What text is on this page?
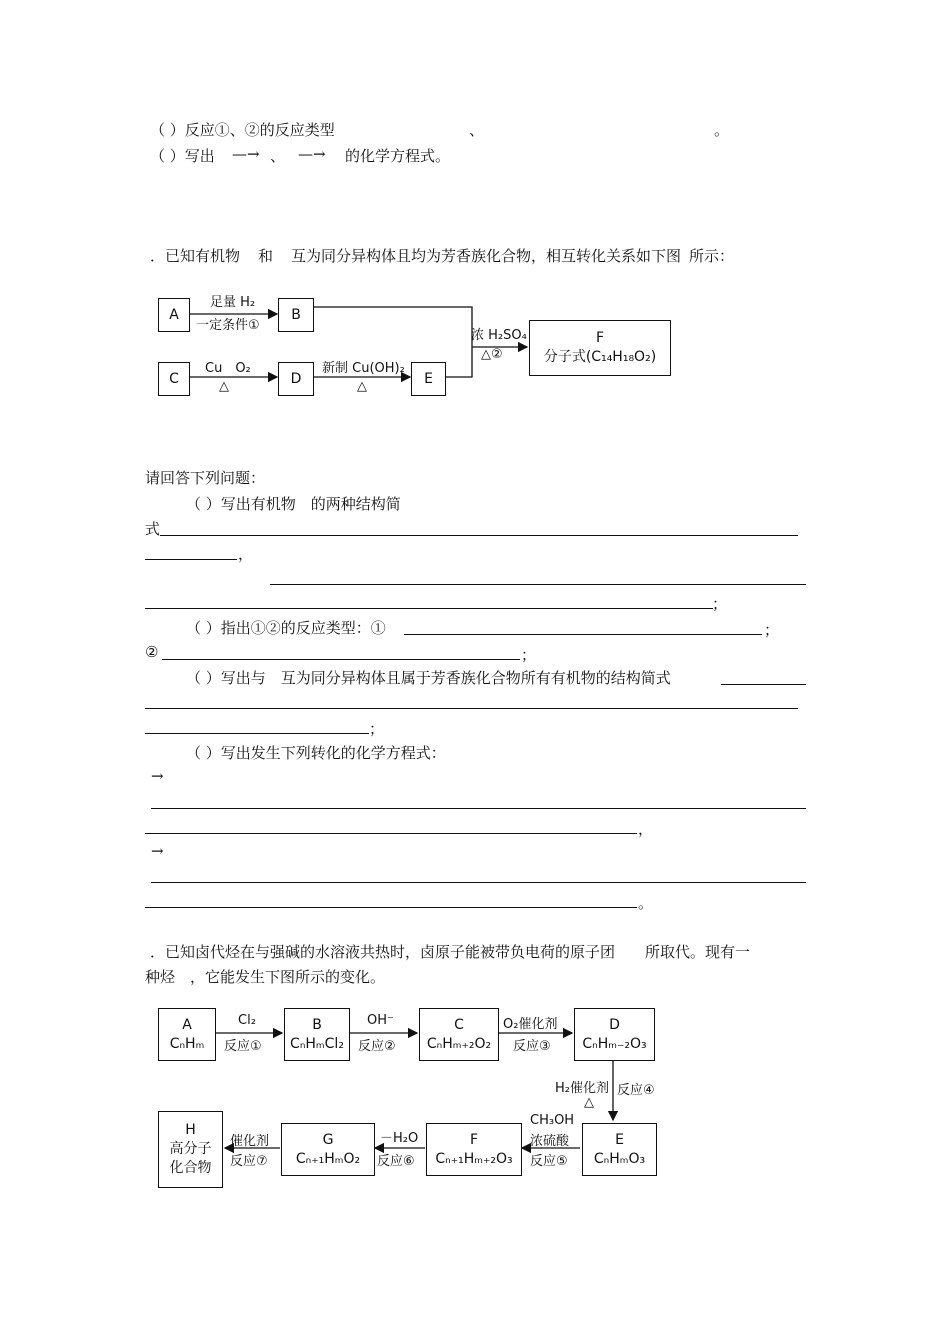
（ ）反应①、②的反应类型	、	。
（ ）写出 —→ 、 —→ 的化学方程式。
．已知有机物 和 互为同分异构体且均为芳香族化合物，相互转化关系如下图 所示：
A	B
C	D	E
F
分子式(C₁₄H₁₈O₂)
足量 H₂
一定条件①
Cu　O₂
△
新制 Cu(OH)₂
△
浓 H₂SO₄
△②
请回答下列问题：
（ ）写出有机物　的两种结构简
式
，
；
（ ）指出①②的反应类型：①	；
②	；
（ ）写出与　互为同分异构体且属于芳香族化合物所有有机物的结构简式
；
（ ）写出发生下列转化的化学方程式：
→
，
→
。
．已知卤代烃在与强碱的水溶液共热时，卤原子能被带负电荷的原子团　　所取代。现有一
种烃　，它能发生下图所示的变化。
A
CₙHₘ
B
CₙHₘCl₂
C
CₙHₘ₊₂O₂
D
CₙHₘ₋₂O₃
E
CₙHₘO₃
F
Cₙ₊₁Hₘ₊₂O₃
G
Cₙ₊₁HₘO₂
H
高分子
化合物
Cl₂
反应①
OH⁻
反应②
O₂催化剂
反应③
H₂催化剂
△
反应④
CH₃OH
浓硫酸
反应⑤
－H₂O
反应⑥
催化剂
反应⑦
